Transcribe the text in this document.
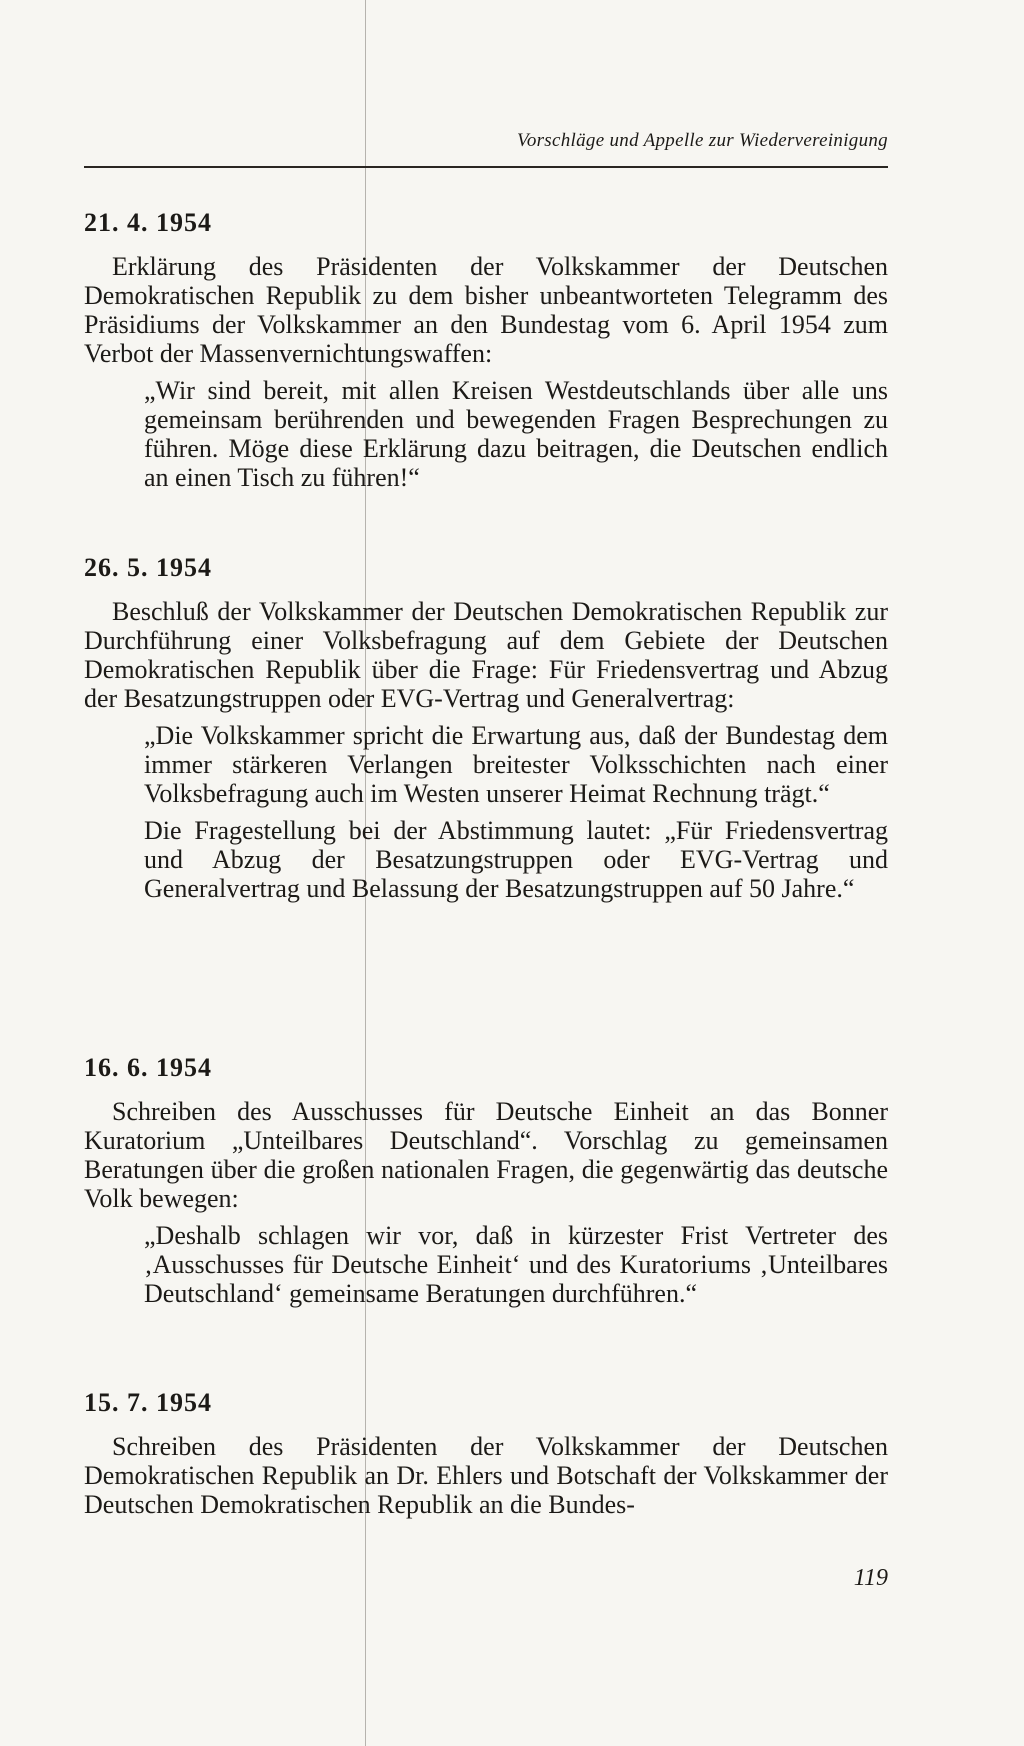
Vorschläge und Appelle zur Wiedervereinigung
21. 4. 1954

Erklärung des Präsidenten der Volkskammer der Deutschen Demokratischen Republik zu dem bisher unbeantworteten Telegramm des Präsidiums der Volkskammer an den Bundestag vom 6. April 1954 zum Verbot der Massenvernichtungswaffen:

„Wir sind bereit, mit allen Kreisen Westdeutschlands über alle uns gemeinsam berührenden und bewegenden Fragen Besprechungen zu führen. Möge diese Erklärung dazu beitragen, die Deutschen endlich an einen Tisch zu führen!“

26. 5. 1954

Beschluß der Volkskammer der Deutschen Demokratischen Republik zur Durchführung einer Volksbefragung auf dem Gebiete der Deutschen Demokratischen Republik über die Frage: Für Friedensvertrag und Abzug der Besatzungstruppen oder EVG-Vertrag und Generalvertrag:

„Die Volkskammer spricht die Erwartung aus, daß der Bundestag dem immer stärkeren Verlangen breitester Volksschichten nach einer Volksbefragung auch im Westen unserer Heimat Rechnung trägt.“

Die Fragestellung bei der Abstimmung lautet: „Für Friedensvertrag und Abzug der Besatzungstruppen oder EVG-Vertrag und Generalvertrag und Belassung der Besatzungstruppen auf 50 Jahre.“

16. 6. 1954

Schreiben des Ausschusses für Deutsche Einheit an das Bonner Kuratorium „Unteilbares Deutschland“. Vorschlag zu gemeinsamen Beratungen über die großen nationalen Fragen, die gegenwärtig das deutsche Volk bewegen:

„Deshalb schlagen wir vor, daß in kürzester Frist Vertreter des ‚Ausschusses für Deutsche Einheit‘ und des Kuratoriums ‚Unteilbares Deutschland‘ gemeinsame Beratungen durchführen.“

15. 7. 1954

Schreiben des Präsidenten der Volkskammer der Deutschen Demokratischen Republik an Dr. Ehlers und Botschaft der Volkskammer der Deutschen Demokratischen Republik an die Bundes-

119
